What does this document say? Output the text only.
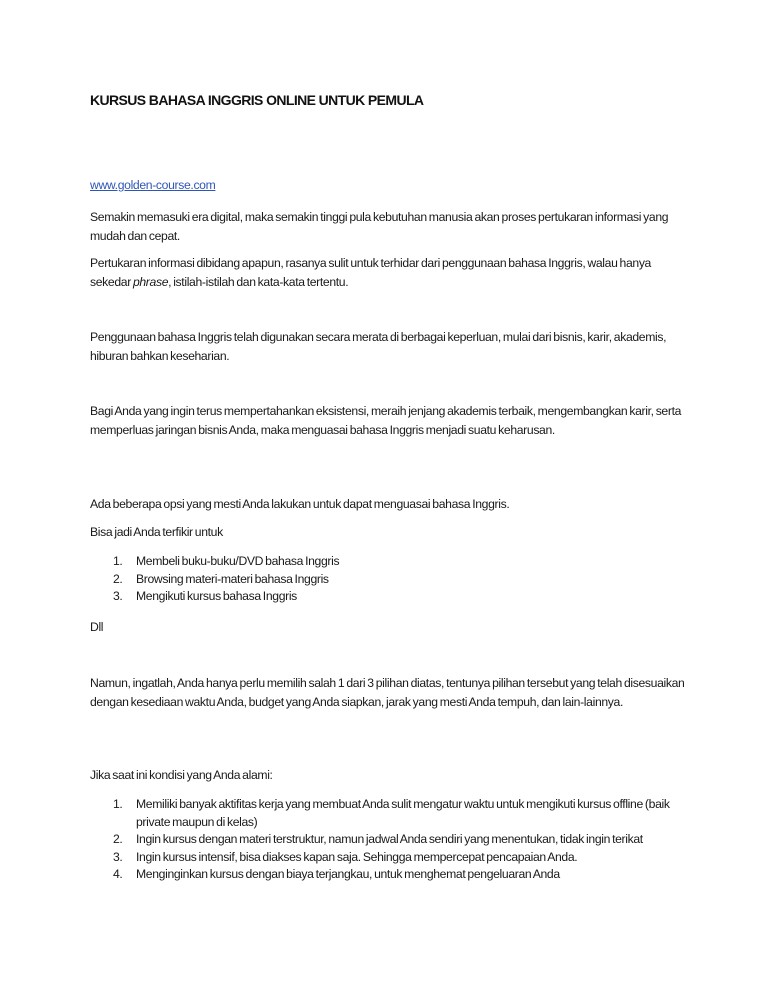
KURSUS BAHASA INGGRIS ONLINE UNTUK PEMULA

www.golden-course.com

Semakin memasuki era digital, maka semakin tinggi pula kebutuhan manusia akan proses pertukaran informasi yang mudah dan cepat.

Pertukaran informasi dibidang apapun, rasanya sulit untuk terhidar dari penggunaan bahasa Inggris, walau hanya sekedar phrase, istilah-istilah dan kata-kata tertentu.

Penggunaan bahasa Inggris telah digunakan secara merata di berbagai keperluan, mulai dari bisnis, karir, akademis, hiburan bahkan keseharian.

Bagi Anda yang ingin terus mempertahankan eksistensi, meraih jenjang akademis terbaik, mengembangkan karir, serta memperluas jaringan bisnis Anda, maka menguasai bahasa Inggris menjadi suatu keharusan.

Ada beberapa opsi yang mesti Anda lakukan untuk dapat menguasai bahasa Inggris.

Bisa jadi Anda terfikir untuk

1. Membeli buku-buku/DVD bahasa Inggris
2. Browsing materi-materi bahasa Inggris
3. Mengikuti kursus bahasa Inggris

Dll

Namun, ingatlah, Anda hanya perlu memilih salah 1 dari 3 pilihan diatas, tentunya pilihan tersebut yang telah disesuaikan dengan kesediaan waktu Anda, budget yang Anda siapkan, jarak yang mesti Anda tempuh, dan lain-lainnya.

Jika saat ini kondisi yang Anda alami:

1. Memiliki banyak aktifitas kerja yang membuat Anda sulit mengatur waktu untuk mengikuti kursus offline (baik private maupun di kelas)
2. Ingin kursus dengan materi terstruktur, namun jadwal Anda sendiri yang menentukan, tidak ingin terikat
3. Ingin kursus intensif, bisa diakses kapan saja. Sehingga mempercepat pencapaian Anda.
4. Menginginkan kursus dengan biaya terjangkau, untuk menghemat pengeluaran Anda
